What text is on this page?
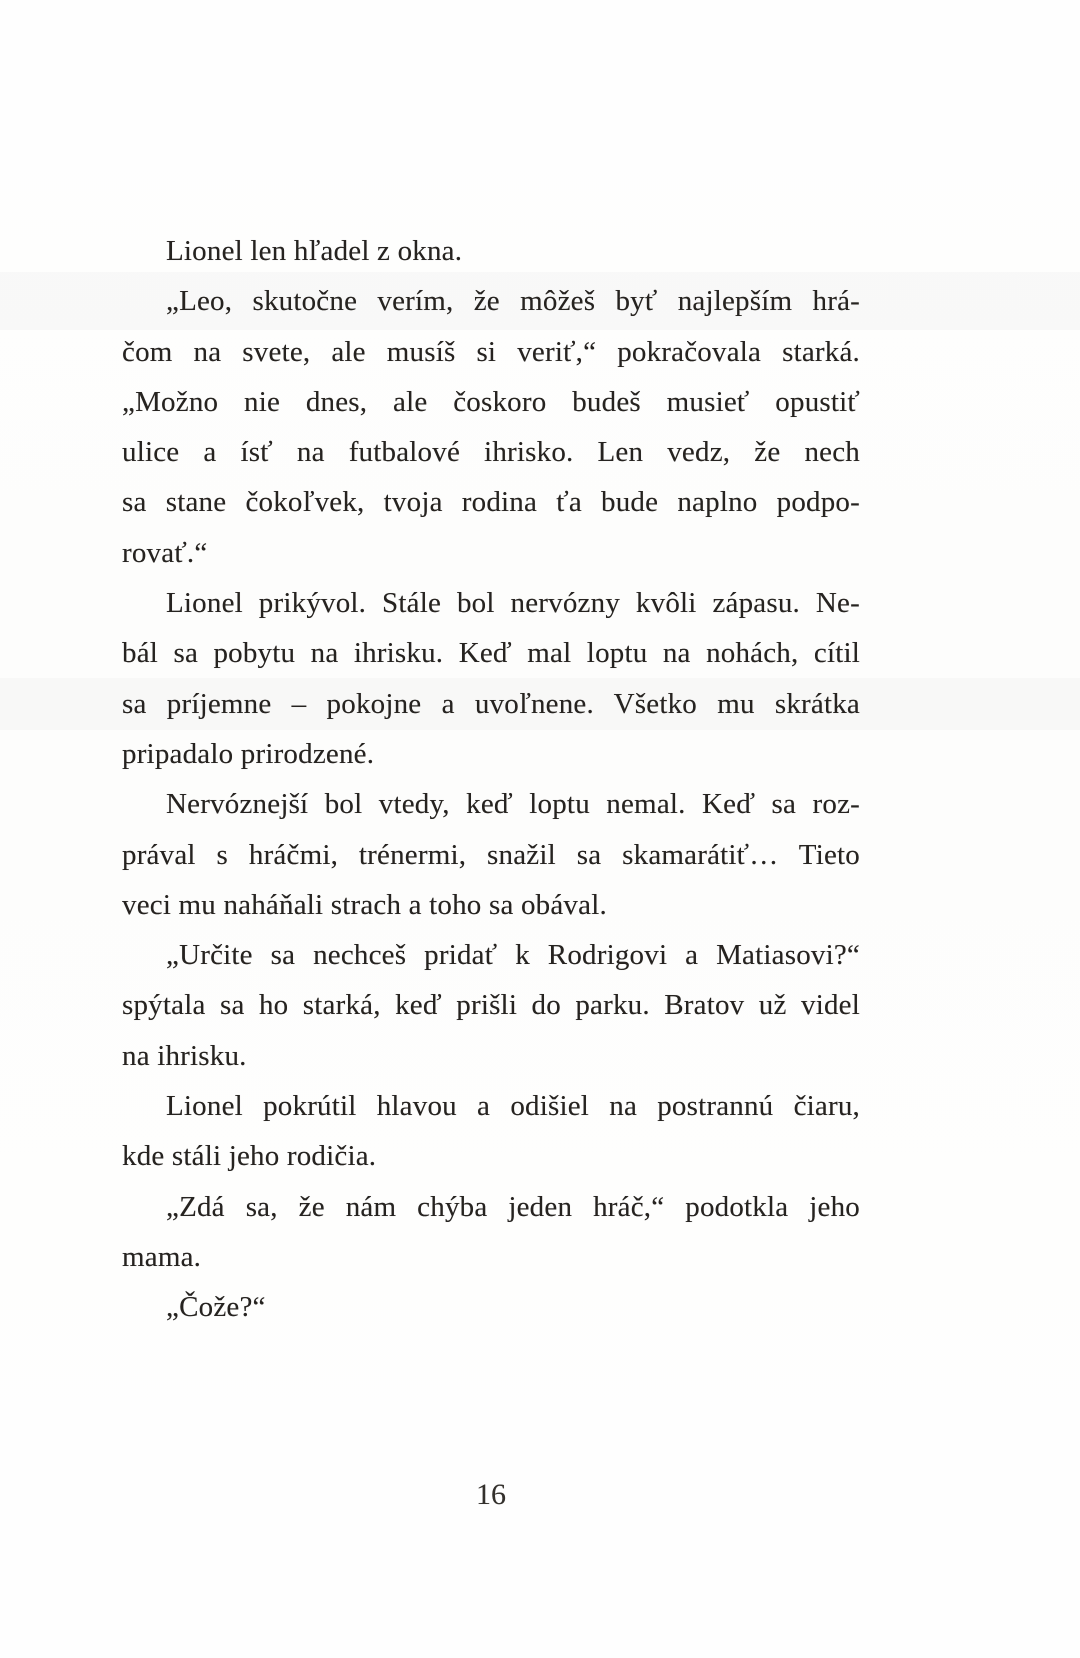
Lionel len hľadel z okna.

„Leo, skutočne verím, že môžeš byť najlepším hrá-

čom na svete, ale musíš si veriť,“ pokračovala starká.

„Možno nie dnes, ale čoskoro budeš musieť opustiť

ulice a ísť na futbalové ihrisko. Len vedz, že nech

sa stane čokoľvek, tvoja rodina ťa bude naplno podpo-

rovať.“

Lionel prikývol. Stále bol nervózny kvôli zápasu. Ne-

bál sa pobytu na ihrisku. Keď mal loptu na nohách, cítil

sa príjemne – pokojne a uvoľnene. Všetko mu skrátka

pripadalo prirodzené.

Nervóznejší bol vtedy, keď loptu nemal. Keď sa roz-

prával s hráčmi, trénermi, snažil sa skamarátiť… Tieto

veci mu naháňali strach a toho sa obával.

„Určite sa nechceš pridať k Rodrigovi a Matiasovi?“

spýtala sa ho starká, keď prišli do parku. Bratov už videl

na ihrisku.

Lionel pokrútil hlavou a odišiel na postrannú čiaru,

kde stáli jeho rodičia.

„Zdá sa, že nám chýba jeden hráč,“ podotkla jeho

mama.

„Čože?“

16
